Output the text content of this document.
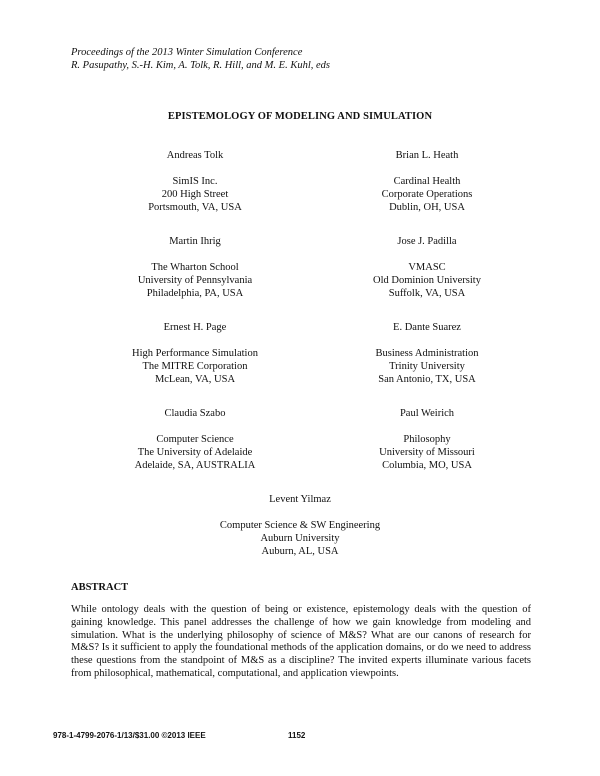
Proceedings of the 2013 Winter Simulation Conference
R. Pasupathy, S.-H. Kim, A. Tolk, R. Hill, and M. E. Kuhl, eds
EPISTEMOLOGY OF MODELING AND SIMULATION
Andreas Tolk
SimIS Inc.
200 High Street
Portsmouth, VA, USA
Brian L. Heath
Cardinal Health
Corporate Operations
Dublin, OH, USA
Martin Ihrig
The Wharton School
University of Pennsylvania
Philadelphia, PA, USA
Jose J. Padilla
VMASC
Old Dominion University
Suffolk, VA, USA
Ernest H. Page
High Performance Simulation
The MITRE Corporation
McLean, VA, USA
E. Dante Suarez
Business Administration
Trinity University
San Antonio, TX, USA
Claudia Szabo
Computer Science
The University of Adelaide
Adelaide, SA, AUSTRALIA
Paul Weirich
Philosophy
University of Missouri
Columbia, MO, USA
Levent Yilmaz
Computer Science & SW Engineering
Auburn University
Auburn, AL, USA
ABSTRACT
While ontology deals with the question of being or existence, epistemology deals with the question of gaining knowledge. This panel addresses the challenge of how we gain knowledge from modeling and simulation. What is the underlying philosophy of science of M&S? What are our canons of research for M&S? Is it sufficient to apply the foundational methods of the application domains, or do we need to address these questions from the standpoint of M&S as a discipline? The invited experts illuminate various facets from philosophical, mathematical, computational, and application viewpoints.
978-1-4799-2076-1/13/$31.00 ©2013 IEEE	1152
